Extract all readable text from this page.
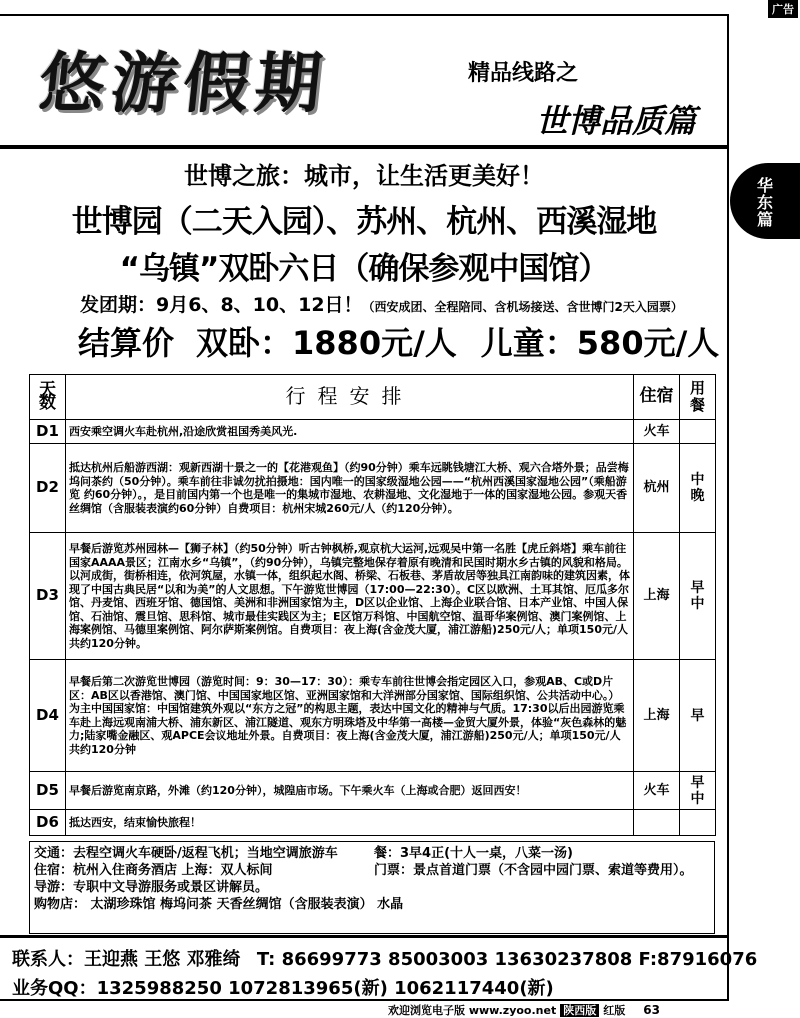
广告
悠游假期	精品线路之
世博品质篇
华
东
篇
世博之旅：城市，让生活更美好！
世博园（二天入园）、苏州、杭州、西溪湿地
“乌镇”双卧六日（确保参观中国馆）
发团期：9月6、8、10、12日！（西安成团、全程陪同、含机场接送、含世博门2天入园票）
结算价 双卧：1880元/人 儿童：580元/人
天数	行程安排	住宿	用
餐

D1	西安乘空调火车赴杭州,沿途欣赏祖国秀美风光.	火车	
D2	抵达杭州后船游西湖：观新西湖十景之一的【花港观鱼】（约90分钟）乘车远眺钱塘江大桥、观六合塔外景；品尝梅坞问茶约（50分钟）。乘车前往非诚勿扰拍摄地：国内唯一的国家级湿地公园——“杭州西溪国家湿地公园”（乘船游览 约60分钟）。，是目前国内第一个也是唯一的集城市湿地、农耕湿地、文化湿地于一体的国家湿地公园。参观天香丝绸馆（含服装表演约60分钟）自费项目：杭州宋城260元/人（约120分钟）。	杭州	中
晚

D3	早餐后游览苏州园林—【狮子林】（约50分钟）听古钟枫桥,观京杭大运河,远观吴中第一名胜【虎丘斜塔】乘车前往国家AAAA景区；江南水乡“乌镇”，（约90分钟），乌镇完整地保存着原有晚清和民国时期水乡古镇的风貌和格局。以河成街，街桥相连，依河筑屋，水镇一体，组织起水阁、桥梁、石板巷、茅盾故居等独具江南韵味的建筑因素，体现了中国古典民居“以和为美”的人文思想。下午游览世博园（17:00—22:30）。C区以欧洲、土耳其馆、厄瓜多尔馆、丹麦馆、西班牙馆、德国馆、美洲和非洲国家馆为主，D区以企业馆、上海企业联合馆、日本产业馆、中国人保馆、石油馆、震旦馆、思科馆、城市最佳实践区为主；E区馆万科馆、中国航空馆、温哥华案例馆、澳门案例馆、上海案例馆、马德里案例馆、阿尔萨斯案例馆。自费项目：夜上海(含金茂大厦，浦江游船)250元/人；单项150元/人共约120分钟。	上海	早
中

D4	早餐后第二次游览世博园（游览时间：9：30—17：30）：乘专车前往世博会指定园区入口，参观AB、C或D片区：AB区以香港馆、澳门馆、中国国家地区馆、亚洲国家馆和大洋洲部分国家馆、国际组织馆、公共活动中心。）为主中国国家馆：中国馆建筑外观以“东方之冠”的构思主题，表达中国文化的精神与气质。17:30以后出园游览乘车赴上海远观南浦大桥、浦东新区、浦江隧道、观东方明珠塔及中华第一高楼—金贸大厦外景，体验“灰色森林的魅力;陆家嘴金融区、观APCE会议地址外景。自费项目：夜上海(含金茂大厦，浦江游船)250元/人；单项150元/人共约120分钟	上海	早

D5	早餐后游览南京路，外滩（约120分钟），城隍庙市场。下午乘火车（上海或合肥）返回西安！	火车	早
中

D6	抵达西安，结束愉快旅程！		
交通：去程空调火车硬卧/返程飞机；当地空调旅游车	餐：3早4正(十人一桌，八菜一汤)
住宿：杭州入住商务酒店 上海：双人标间	门票：景点首道门票（不含园中园门票、索道等费用）。
导游：专职中文导游服务或景区讲解员。
购物店： 太湖珍珠馆 梅坞问茶 天香丝绸馆（含服装表演） 水晶
联系人：王迎燕 王悠 邓雅绮 T: 86699773 85003003 13630237808 F:87916076
业务QQ：1325988250 1072813965(新) 1062117440(新)
欢迎浏览电子版 www.zyoo.net 陕西版 红版 63
